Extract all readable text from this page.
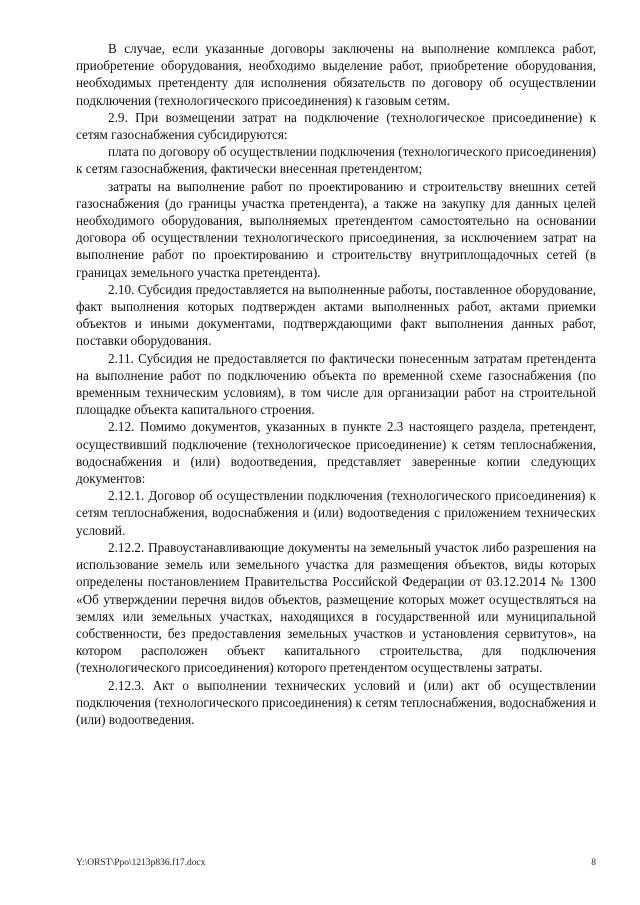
В случае, если указанные договоры заключены на выполнение комплекса работ, приобретение оборудования, необходимо выделение работ, приобретение оборудования, необходимых претенденту для исполнения обязательств по договору об осуществлении подключения (технологического присоединения) к газовым сетям.

2.9. При возмещении затрат на подключение (технологическое присоединение) к сетям газоснабжения субсидируются:

плата по договору об осуществлении подключения (технологического присоединения) к сетям газоснабжения, фактически внесенная претендентом;

затраты на выполнение работ по проектированию и строительству внешних сетей газоснабжения (до границы участка претендента), а также на закупку для данных целей необходимого оборудования, выполняемых претендентом самостоятельно на основании договора об осуществлении технологического присоединения, за исключением затрат на выполнение работ по проектированию и строительству внутриплощадочных сетей (в границах земельного участка претендента).

2.10. Субсидия предоставляется на выполненные работы, поставленное оборудование, факт выполнения которых подтвержден актами выполненных работ, актами приемки объектов и иными документами, подтверждающими факт выполнения данных работ, поставки оборудования.

2.11. Субсидия не предоставляется по фактически понесенным затратам претендента на выполнение работ по подключению объекта по временной схеме газоснабжения (по временным техническим условиям), в том числе для организации работ на строительной площадке объекта капитального строения.

2.12. Помимо документов, указанных в пункте 2.3 настоящего раздела, претендент, осуществивший подключение (технологическое присоединение) к сетям теплоснабжения, водоснабжения и (или) водоотведения, представляет заверенные копии следующих документов:

2.12.1. Договор об осуществлении подключения (технологического присоединения) к сетям теплоснабжения, водоснабжения и (или) водоотведения с приложением технических условий.

2.12.2. Правоустанавливающие документы на земельный участок либо разрешения на использование земель или земельного участка для размещения объектов, виды которых определены постановлением Правительства Российской Федерации от 03.12.2014 № 1300 «Об утверждении перечня видов объектов, размещение которых может осуществляться на землях или земельных участках, находящихся в государственной или муниципальной собственности, без предоставления земельных участков и установления сервитутов», на котором расположен объект капитального строительства, для подключения (технологического присоединения) которого претендентом осуществлены затраты.

2.12.3. Акт о выполнении технических условий и (или) акт об осуществлении подключения (технологического присоединения) к сетям теплоснабжения, водоснабжения и (или) водоотведения.

Y:\ORST\Ppo\1213p836.f17.docx	8
